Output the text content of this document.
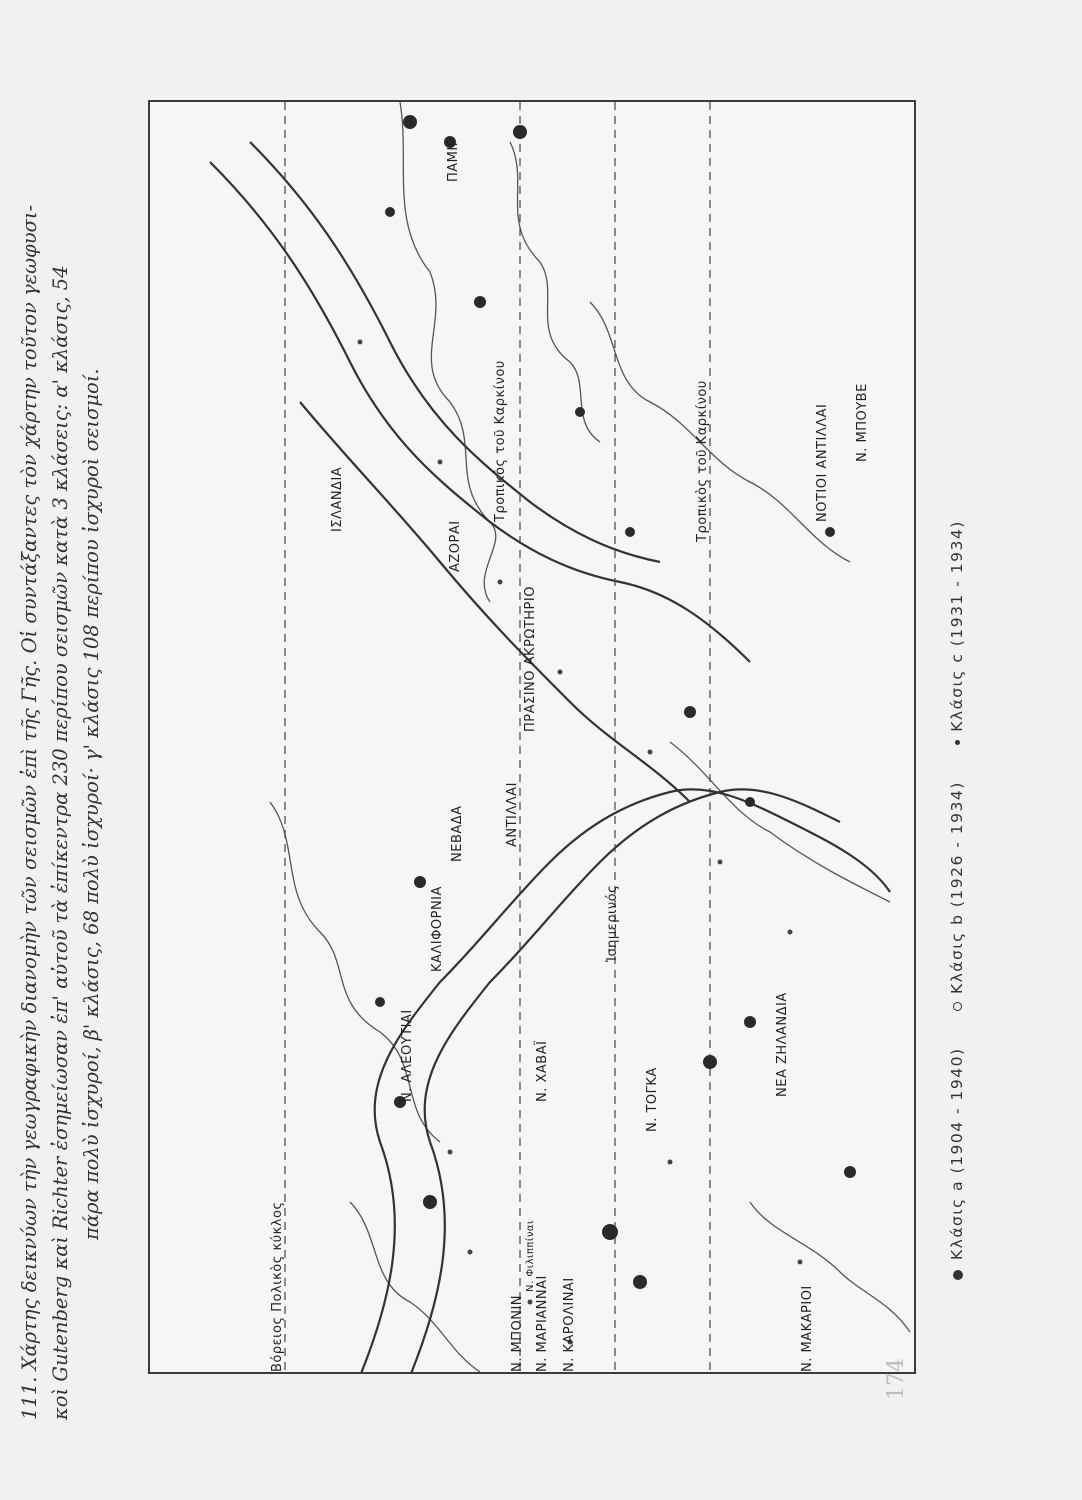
111. Χάρτης δεικνύων τὴν γεωγραφικὴν διανομὴν τῶν σεισμῶν ἐπὶ τῆς Γῆς. Οἱ συντάξαντες τὸν χάρτην τοῦτον γεωφυσι- κοὶ Gutenberg καὶ Richter ἐσημείωσαν ἐπ' αὐτοῦ τὰ ἐπίκεντρα 230 περίπου σεισμῶν κατὰ 3 κλάσεις: α' κλάσις, 54 πάρα πολὺ ἰσχυροί, β' κλάσις, 68 πολὺ ἰσχυροί· γ' κλάσις 108 περίπου ἰσχυροὶ σεισμοί.
Βόρειος Πολικὸς κύκλος
Τροπικὸς τοῦ Καρκίνου
Ἰσημερινός
Τροπικὸς τοῦ Καρκίνου
ΙΣΛΑΝΔΙΑ
ΑΖΟΡΑΙ
ΠΑΜΙΡ
ΠΡΑΣΙΝΟ ΑΚΡΩΤΗΡΙΟ
ΑΝΤΙΛΛΑΙ
ΝΕΒΑΔΑ
ΚΑΛΙΦΟΡΝΙΑ
Ν. ΑΛΕΟΥΤΙΑΙ	Ν. ΧΑΒΑΪ
Ν. ΜΠΟΝΙΝ Ν. ΜΑΡΙΑΝΝΑΙ Ν. ΚΑΡΟΛΙΝΑΙ
Ν. Φιλιππίναι
Ν. ΤΟΓΚΑ
ΝΕΑ ΖΗΛΑΝΔΙΑ
Ν. ΜΑΚΑΡΙΟΙ
ΝΟΤΙΟΙ ΑΝΤΙΛΛΑΙ Ν. ΜΠΟΥΒΕ
Κλάσις a (1904 - 1940) Κλάσις b (1926 - 1934) Κλάσις c (1931 - 1934)
174
